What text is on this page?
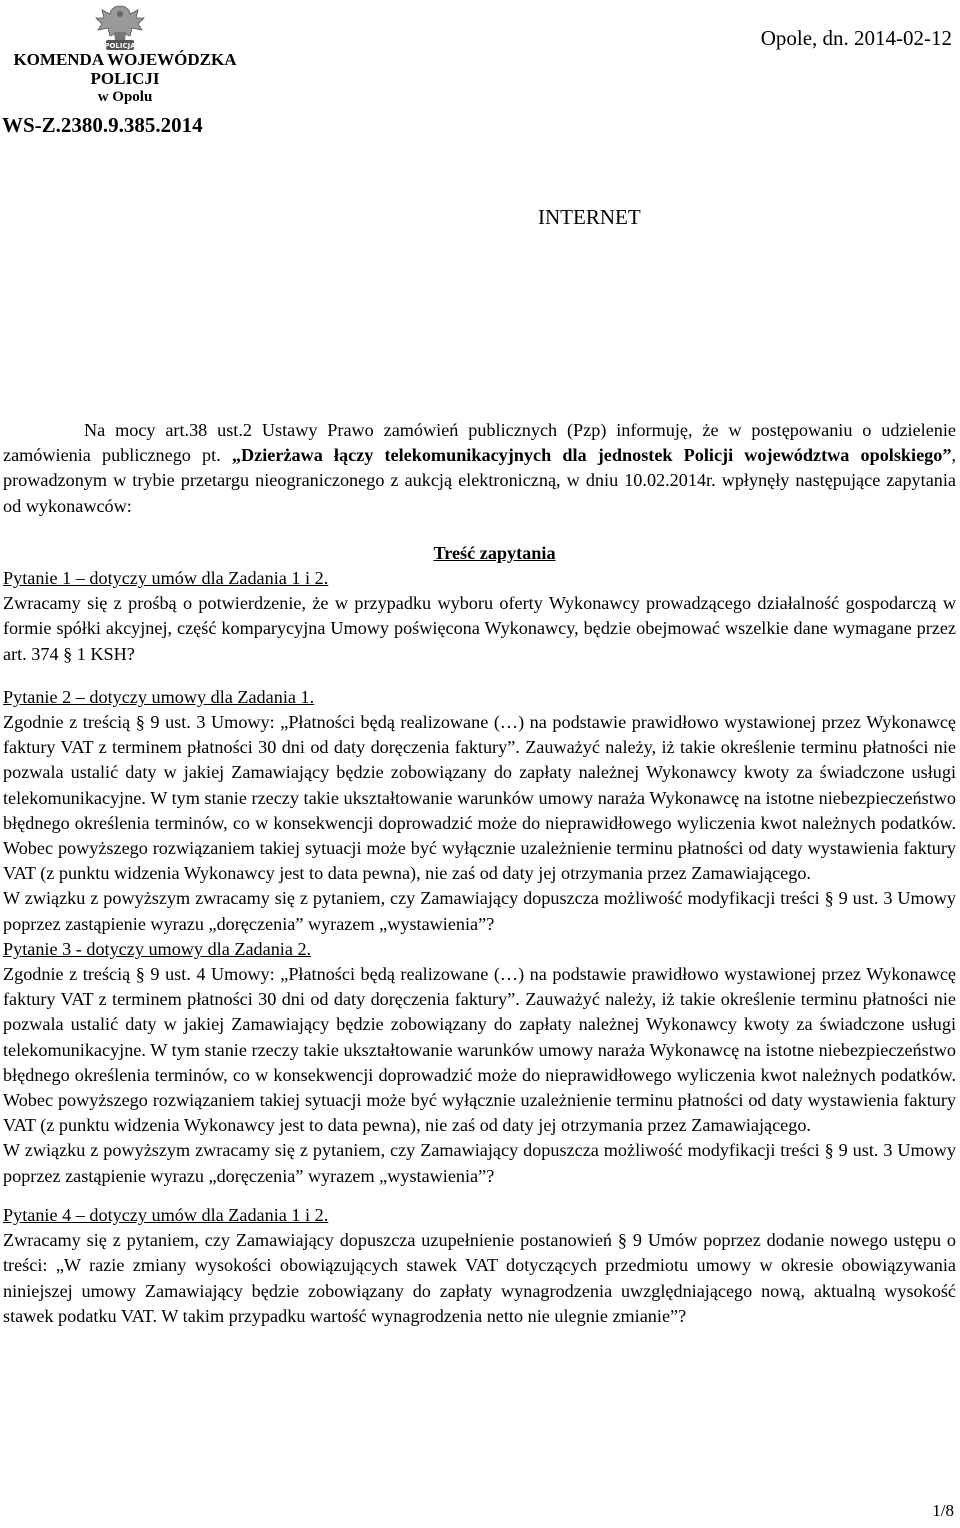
POLICJA
KOMENDA WOJEWÓDZKA
POLICJI
w Opolu
WS-Z.2380.9.385.2014
Opole, dn. 2014-02-12
INTERNET

Na mocy art.38 ust.2 Ustawy Prawo zamówień publicznych (Pzp) informuję, że w postępowaniu o udzielenie zamówienia publicznego pt. „Dzierżawa łączy telekomunikacyjnych dla jednostek Policji województwa opolskiego”, prowadzonym w trybie przetargu nieograniczonego z aukcją elektroniczną, w dniu 10.02.2014r. wpłynęły następujące zapytania od wykonawców:

Treść zapytania

Pytanie 1 – dotyczy umów dla Zadania 1 i 2.

Zwracamy się z prośbą o potwierdzenie, że w przypadku wyboru oferty Wykonawcy prowadzącego działalność gospodarczą w formie spółki akcyjnej, część komparycyjna Umowy poświęcona Wykonawcy, będzie obejmować wszelkie dane wymagane przez art. 374 § 1 KSH?

Pytanie 2 – dotyczy umowy dla Zadania 1.

Zgodnie z treścią § 9 ust. 3 Umowy: „Płatności będą realizowane (…) na podstawie prawidłowo wystawionej przez Wykonawcę faktury VAT z terminem płatności 30 dni od daty doręczenia faktury”. Zauważyć należy, iż takie określenie terminu płatności nie pozwala ustalić daty w jakiej Zamawiający będzie zobowiązany do zapłaty należnej Wykonawcy kwoty za świadczone usługi telekomunikacyjne. W tym stanie rzeczy takie ukształtowanie warunków umowy naraża Wykonawcę na istotne niebezpieczeństwo błędnego określenia terminów, co w konsekwencji doprowadzić może do nieprawidłowego wyliczenia kwot należnych podatków. Wobec powyższego rozwiązaniem takiej sytuacji może być wyłącznie uzależnienie terminu płatności od daty wystawienia faktury VAT (z punktu widzenia Wykonawcy jest to data pewna), nie zaś od daty jej otrzymania przez Zamawiającego.

W związku z powyższym zwracamy się z pytaniem, czy Zamawiający dopuszcza możliwość modyfikacji treści § 9 ust. 3 Umowy poprzez zastąpienie wyrazu „doręczenia” wyrazem „wystawienia”?

Pytanie 3 - dotyczy umowy dla Zadania 2.

Zgodnie z treścią § 9 ust. 4 Umowy: „Płatności będą realizowane (…) na podstawie prawidłowo wystawionej przez Wykonawcę faktury VAT z terminem płatności 30 dni od daty doręczenia faktury”. Zauważyć należy, iż takie określenie terminu płatności nie pozwala ustalić daty w jakiej Zamawiający będzie zobowiązany do zapłaty należnej Wykonawcy kwoty za świadczone usługi telekomunikacyjne. W tym stanie rzeczy takie ukształtowanie warunków umowy naraża Wykonawcę na istotne niebezpieczeństwo błędnego określenia terminów, co w konsekwencji doprowadzić może do nieprawidłowego wyliczenia kwot należnych podatków. Wobec powyższego rozwiązaniem takiej sytuacji może być wyłącznie uzależnienie terminu płatności od daty wystawienia faktury VAT (z punktu widzenia Wykonawcy jest to data pewna), nie zaś od daty jej otrzymania przez Zamawiającego.

W związku z powyższym zwracamy się z pytaniem, czy Zamawiający dopuszcza możliwość modyfikacji treści § 9 ust. 3 Umowy poprzez zastąpienie wyrazu „doręczenia” wyrazem „wystawienia”?

Pytanie 4 – dotyczy umów dla Zadania 1 i 2.

Zwracamy się z pytaniem, czy Zamawiający dopuszcza uzupełnienie postanowień § 9 Umów poprzez dodanie nowego ustępu o treści: „W razie zmiany wysokości obowiązujących stawek VAT dotyczących przedmiotu umowy w okresie obowiązywania niniejszej umowy Zamawiający będzie zobowiązany do zapłaty wynagrodzenia uwzględniającego nową, aktualną wysokość stawek podatku VAT. W takim przypadku wartość wynagrodzenia netto nie ulegnie zmianie”?

1/8
